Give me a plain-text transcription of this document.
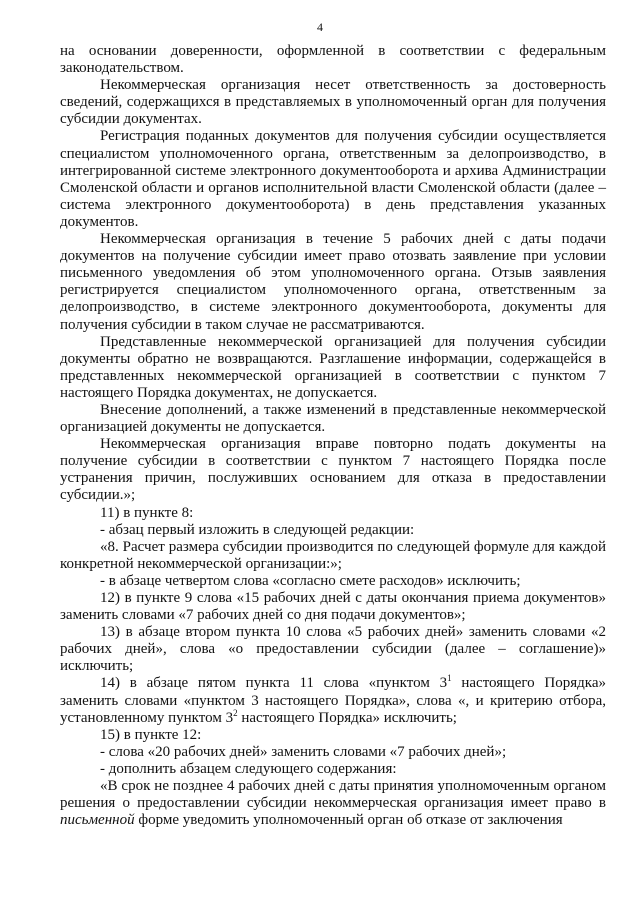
4

на основании доверенности, оформленной в соответствии с федеральным законодательством.

Некоммерческая организация несет ответственность за достоверность сведений, содержащихся в представляемых в уполномоченный орган для получения субсидии документах.

Регистрация поданных документов для получения субсидии осуществляется специалистом уполномоченного органа, ответственным за делопроизводство, в интегрированной системе электронного документооборота и архива Администрации Смоленской области и органов исполнительной власти Смоленской области (далее – система электронного документооборота) в день представления указанных документов.

Некоммерческая организация в течение 5 рабочих дней с даты подачи документов на получение субсидии имеет право отозвать заявление при условии письменного уведомления об этом уполномоченного органа. Отзыв заявления регистрируется специалистом уполномоченного органа, ответственным за делопроизводство, в системе электронного документооборота, документы для получения субсидии в таком случае не рассматриваются.

Представленные некоммерческой организацией для получения субсидии документы обратно не возвращаются. Разглашение информации, содержащейся в представленных некоммерческой организацией в соответствии с пунктом 7 настоящего Порядка документах, не допускается.

Внесение дополнений, а также изменений в представленные некоммерческой организацией документы не допускается.

Некоммерческая организация вправе повторно подать документы на получение субсидии в соответствии с пунктом 7 настоящего Порядка после устранения причин, послуживших основанием для отказа в предоставлении субсидии.»;

11) в пункте 8:

- абзац первый изложить в следующей редакции:

«8. Расчет размера субсидии производится по следующей формуле для каждой конкретной некоммерческой организации:»;

- в абзаце четвертом слова «согласно смете расходов» исключить;

12) в пункте 9 слова «15 рабочих дней с даты окончания приема документов» заменить словами «7 рабочих дней со дня подачи документов»;

13) в абзаце втором пункта 10 слова «5 рабочих дней» заменить словами «2 рабочих дней», слова «о предоставлении субсидии (далее – соглашение)» исключить;

14) в абзаце пятом пункта 11 слова «пунктом $3^1$ настоящего Порядка» заменить словами «пунктом 3 настоящего Порядка», слова «, и критерию отбора, установленному пунктом $3^2$ настоящего Порядка» исключить;

15) в пункте 12:

- слова «20 рабочих дней» заменить словами «7 рабочих дней»;

- дополнить абзацем следующего содержания:

«В срок не позднее 4 рабочих дней с даты принятия уполномоченным органом решения о предоставлении субсидии некоммерческая организация имеет право в письменной форме уведомить уполномоченный орган об отказе от заключения
